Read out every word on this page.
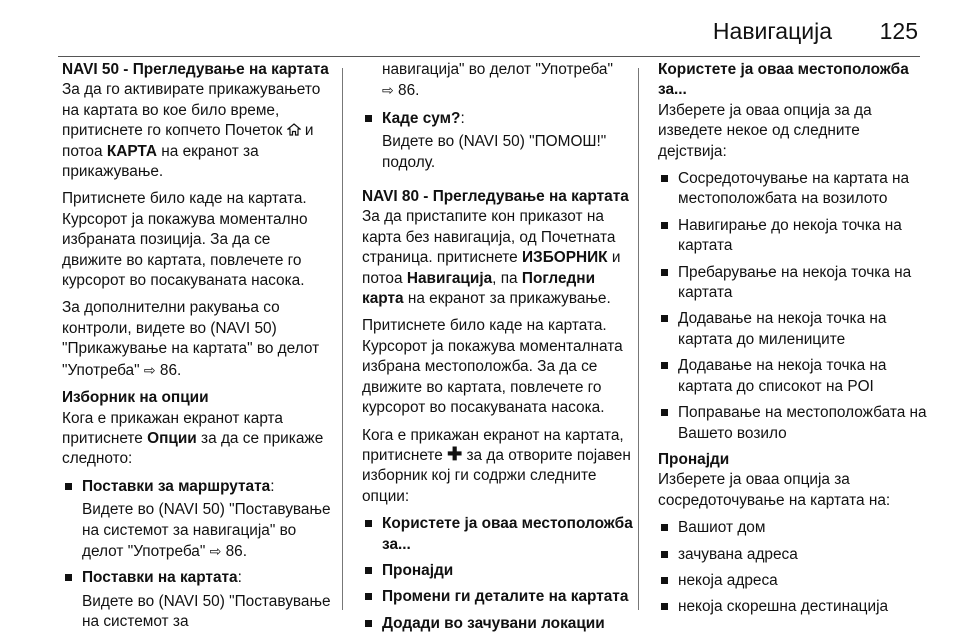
Навигација 125

NAVI 50 - Прегледување на картата

За да го активирате прикажувањето на картата во кое било време, притиснете го копчето Почеток и потоа КАРТА на екранот за прикажување.

Притиснете било каде на картата. Курсорот ја покажува моментално избраната позиција. За да се движите во картата, повлечете го курсорот во посакуваната насока.

За дополнителни ракувања со контроли, видете во (NAVI 50) "Прикажување на картата" во делот "Употреба" ⇨ 86.

Изборник на опции

Кога е прикажан екранот карта притиснете Опции за да се прикаже следното:

Поставки за маршрутата:
Видете во (NAVI 50) "Поставување на системот за навигација" во делот "Употреба" ⇨ 86.
Поставки на картата:
Видете во (NAVI 50) "Поставување на системот за
навигација" во делот "Употреба"
⇨ 86.
Каде сум?:
Видете во (NAVI 50) "ПОМОШ!" подолу.

NAVI 80 - Прегледување на картата

За да пристапите кон приказот на карта без навигација, од Почетната страница. притиснете ИЗБОРНИК и потоа Навигација, па Погледни карта на екранот за прикажување.

Притиснете било каде на картата. Курсорот ја покажува моменталната избрана местоположба. За да се движите во картата, повлечете го курсорот во посакуваната насока.

Кога е прикажан екранот на картата, притиснете ✚ за да отворите појавен изборник кој ги содржи следните опции:

Користете ја оваа местоположба за...
Пронајди
Промени ги деталите на картата
Додади во зачувани локации

Користете ја оваа местоположба за...

Изберете ја оваа опција за да изведете некое од следните дејствија:

Сосредоточување на картата на местоположбата на возилото
Навигирање до некоја точка на картата
Пребарување на некоја точка на картата
Додавање на некоја точка на картата до милениците
Додавање на некоја точка на картата до списокот на POI
Поправање на местоположбата на Вашето возило

Пронајди

Изберете ја оваа опција за сосредоточување на картата на:

Вашиот дом
зачувана адреса
некоја адреса
некоја скорешна дестинација
